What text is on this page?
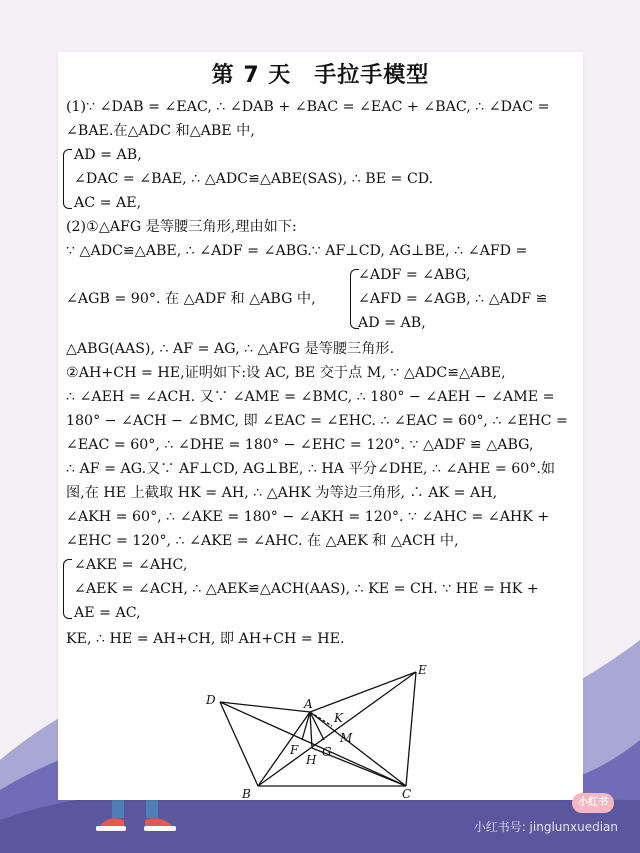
第 7 天　手拉手模型
(1)∵ ∠DAB = ∠EAC, ∴ ∠DAB + ∠BAC = ∠EAC + ∠BAC, ∴ ∠DAC =
∠BAE.在△ADC 和△ABE 中,
AD = AB,
∠DAC = ∠BAE, ∴ △ADC≌△ABE(SAS), ∴ BE = CD.
AC = AE,
(2)①△AFG 是等腰三角形,理由如下:
∵ △ADC≌△ABE, ∴ ∠ADF = ∠ABG.∵ AF⊥CD, AG⊥BE, ∴ ∠AFD =
∠ADF = ∠ABG,
∠AGB = 90°. 在 △ADF 和 △ABG 中,	∠AFD = ∠AGB, ∴ △ADF ≌
AD = AB,
△ABG(AAS), ∴ AF = AG, ∴ △AFG 是等腰三角形.
②AH+CH = HE,证明如下:设 AC, BE 交于点 M, ∵ △ADC≌△ABE,
∴ ∠AEH = ∠ACH. 又∵ ∠AME = ∠BMC, ∴ 180° − ∠AEH − ∠AME =
180° − ∠ACH − ∠BMC, 即 ∠EAC = ∠EHC. ∴ ∠EAC = 60°, ∴ ∠EHC =
∠EAC = 60°, ∴ ∠DHE = 180° − ∠EHC = 120°. ∵ △ADF ≌ △ABG,
∴ AF = AG.又∵ AF⊥CD, AG⊥BE, ∴ HA 平分∠DHE, ∴ ∠AHE = 60°.如
图,在 HE 上截取 HK = AH, ∴ △AHK 为等边三角形, ∴ AK = AH,
∠AKH = 60°, ∴ ∠AKE = 180° − ∠AKH = 120°. ∵ ∠AHC = ∠AHK +
∠EHC = 120°, ∴ ∠AKE = ∠AHC. 在 △AEK 和 △ACH 中,
∠AKE = ∠AHC,
∠AEK = ∠ACH, ∴ △AEK≌△ACH(AAS), ∴ KE = CH. ∵ HE = HK +
AE = AC,
KE, ∴ HE = AH+CH, 即 AH+CH = HE.
D	A
E
K
M
F G
H
B	C
小红书
小红书号: jinglunxuedian
